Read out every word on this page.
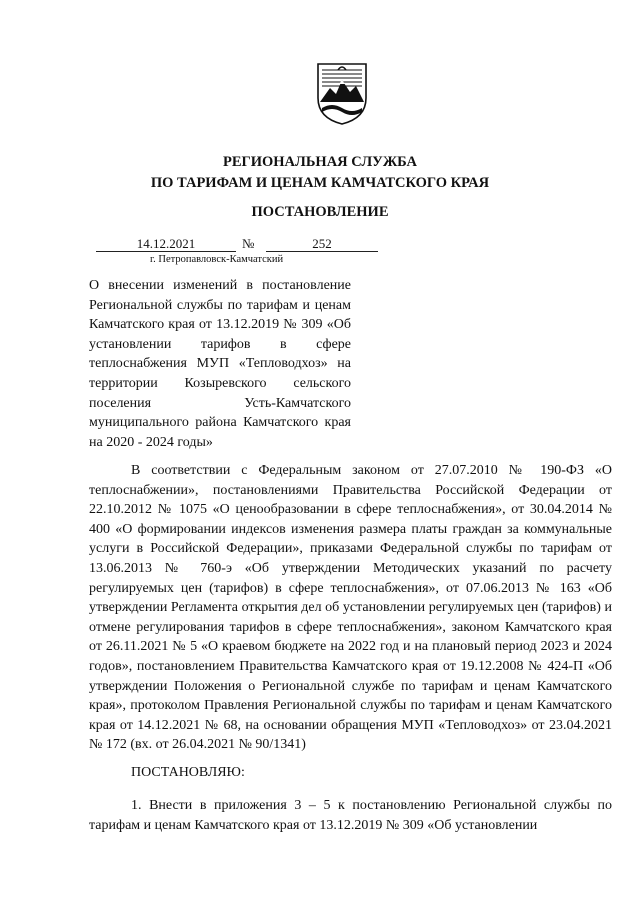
РЕГИОНАЛЬНАЯ СЛУЖБА
ПО ТАРИФАМ И ЦЕНАМ КАМЧАТСКОГО КРАЯ
ПОСТАНОВЛЕНИЕ
14.12.2021	№	252
г. Петропавловск-Камчатский
О внесении изменений в постановление Региональной службы по тарифам и ценам Камчатского края от 13.12.2019 № 309 «Об установлении тарифов в сфере теплоснабжения МУП «Тепловодхоз» на территории Козыревского сельского поселения Усть-Камчатского муниципального района Камчатского края на 2020 - 2024 годы»
В соответствии с Федеральным законом от 27.07.2010 № 190-ФЗ «О теплоснабжении», постановлениями Правительства Российской Федерации от 22.10.2012 № 1075 «О ценообразовании в сфере теплоснабжения», от 30.04.2014 № 400 «О формировании индексов изменения размера платы граждан за коммунальные услуги в Российской Федерации», приказами Федеральной службы по тарифам от 13.06.2013 № 760-э «Об утверждении Методических указаний по расчету регулируемых цен (тарифов) в сфере теплоснабжения», от 07.06.2013 № 163 «Об утверждении Регламента открытия дел об установлении регулируемых цен (тарифов) и отмене регулирования тарифов в сфере теплоснабжения», законом Камчатского края от 26.11.2021 № 5 «О краевом бюджете на 2022 год и на плановый период 2023 и 2024 годов», постановлением Правительства Камчатского края от 19.12.2008 № 424-П «Об утверждении Положения о Региональной службе по тарифам и ценам Камчатского края», протоколом Правления Региональной службы по тарифам и ценам Камчатского края от 14.12.2021 № 68, на основании обращения МУП «Тепловодхоз» от 23.04.2021 № 172 (вх. от 26.04.2021 № 90/1341)
ПОСТАНОВЛЯЮ:
1. Внести в приложения 3 – 5 к постановлению Региональной службы по тарифам и ценам Камчатского края от 13.12.2019 № 309 «Об установлении
